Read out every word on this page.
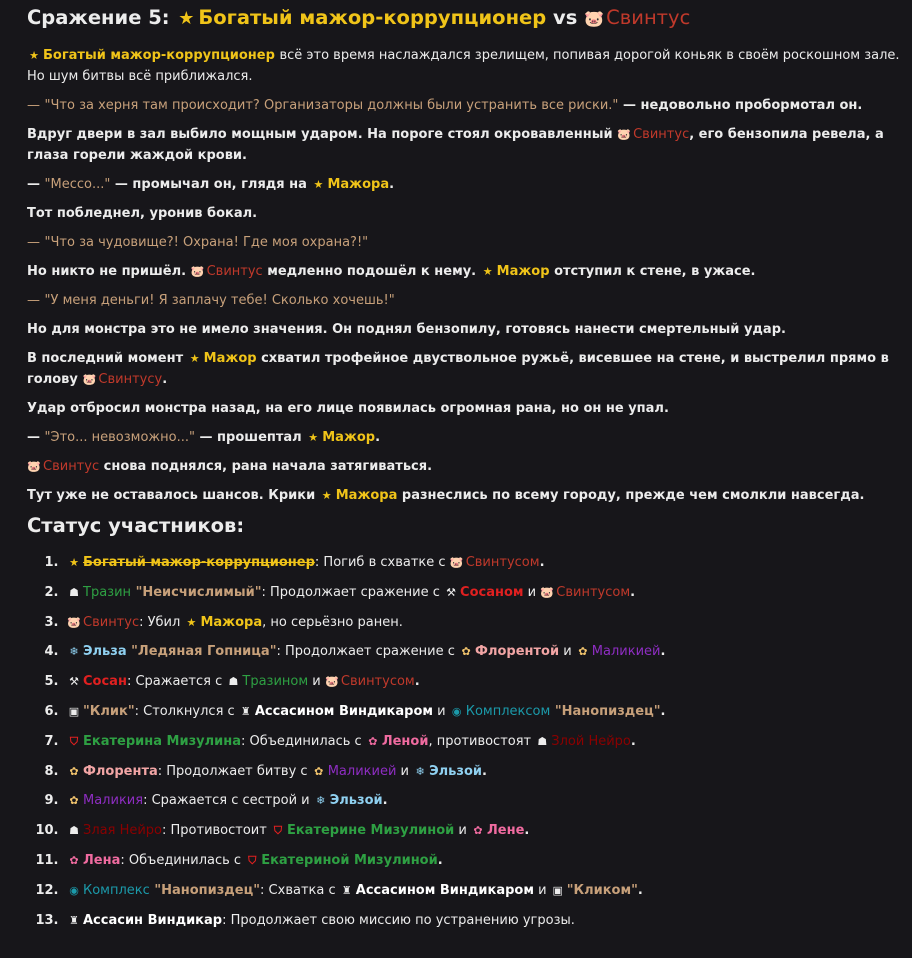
Сражение 5: ★ Богатый мажор-коррупционер vs 🐷 Свинтус

★ Богатый мажор-коррупционер всё это время наслаждался зрелищем, попивая дорогой коньяк в своём роскошном зале. Но шум битвы всё приближался.

— "Что за херня там происходит? Организаторы должны были устранить все риски." — недовольно пробормотал он.

Вдруг двери в зал выбило мощным ударом. На пороге стоял окровавленный 🐷 Свинтус, его бензопила ревела, а глаза горели жаждой крови.

— "Мессо..." — промычал он, глядя на ★ Мажора.

Тот побледнел, уронив бокал.

— "Что за чудовище?! Охрана! Где моя охрана?!"

Но никто не пришёл. 🐷 Свинтус медленно подошёл к нему. ★ Мажор отступил к стене, в ужасе.

— "У меня деньги! Я заплачу тебе! Сколько хочешь!"

Но для монстра это не имело значения. Он поднял бензопилу, готовясь нанести смертельный удар.

В последний момент ★ Мажор схватил трофейное двуствольное ружьё, висевшее на стене, и выстрелил прямо в голову 🐷 Свинтусу.

Удар отбросил монстра назад, на его лице появилась огромная рана, но он не упал.

— "Это... невозможно..." — прошептал ★ Мажор.

🐷 Свинтус снова поднялся, рана начала затягиваться.

Тут уже не оставалось шансов. Крики ★ Мажора разнеслись по всему городу, прежде чем смолкли навсегда.

Статус участников:
1. ★ Богатый мажор-коррупционер: Погиб в схватке с 🐷 Свинтусом.
2. ☗ Тразин "Неисчислимый": Продолжает сражение с ⚒ Сосаном и 🐷 Свинтусом.
3. 🐷 Свинтус: Убил ★ Мажора, но серьёзно ранен.
4. ❄ Эльза "Ледяная Гопница": Продолжает сражение с ✿ Флорентой и ✿ Маликией.
5. ⚒ Сосан: Сражается с ☗ Тразином и 🐷 Свинтусом.
6. ▣ "Клик": Столкнулся с ♜ Ассасином Виндикаром и ◉ Комплексом "Нанопиздец".
7. ⛉ Екатерина Мизулина: Объединилась с ✿ Леной, противостоят ☗ Злой Нейро.
8. ✿ Флорента: Продолжает битву с ✿ Маликией и ❄ Эльзой.
9. ✿ Маликия: Сражается с сестрой и ❄ Эльзой.
10. ☗ Злая Нейро: Противостоит ⛉ Екатерине Мизулиной и ✿ Лене.
11. ✿ Лена: Объединилась с ⛉ Екатериной Мизулиной.
12. ◉ Комплекс "Нанопиздец": Схватка с ♜ Ассасином Виндикаром и ▣ "Кликом".
13. ♜ Ассасин Виндикар: Продолжает свою миссию по устранению угрозы.
